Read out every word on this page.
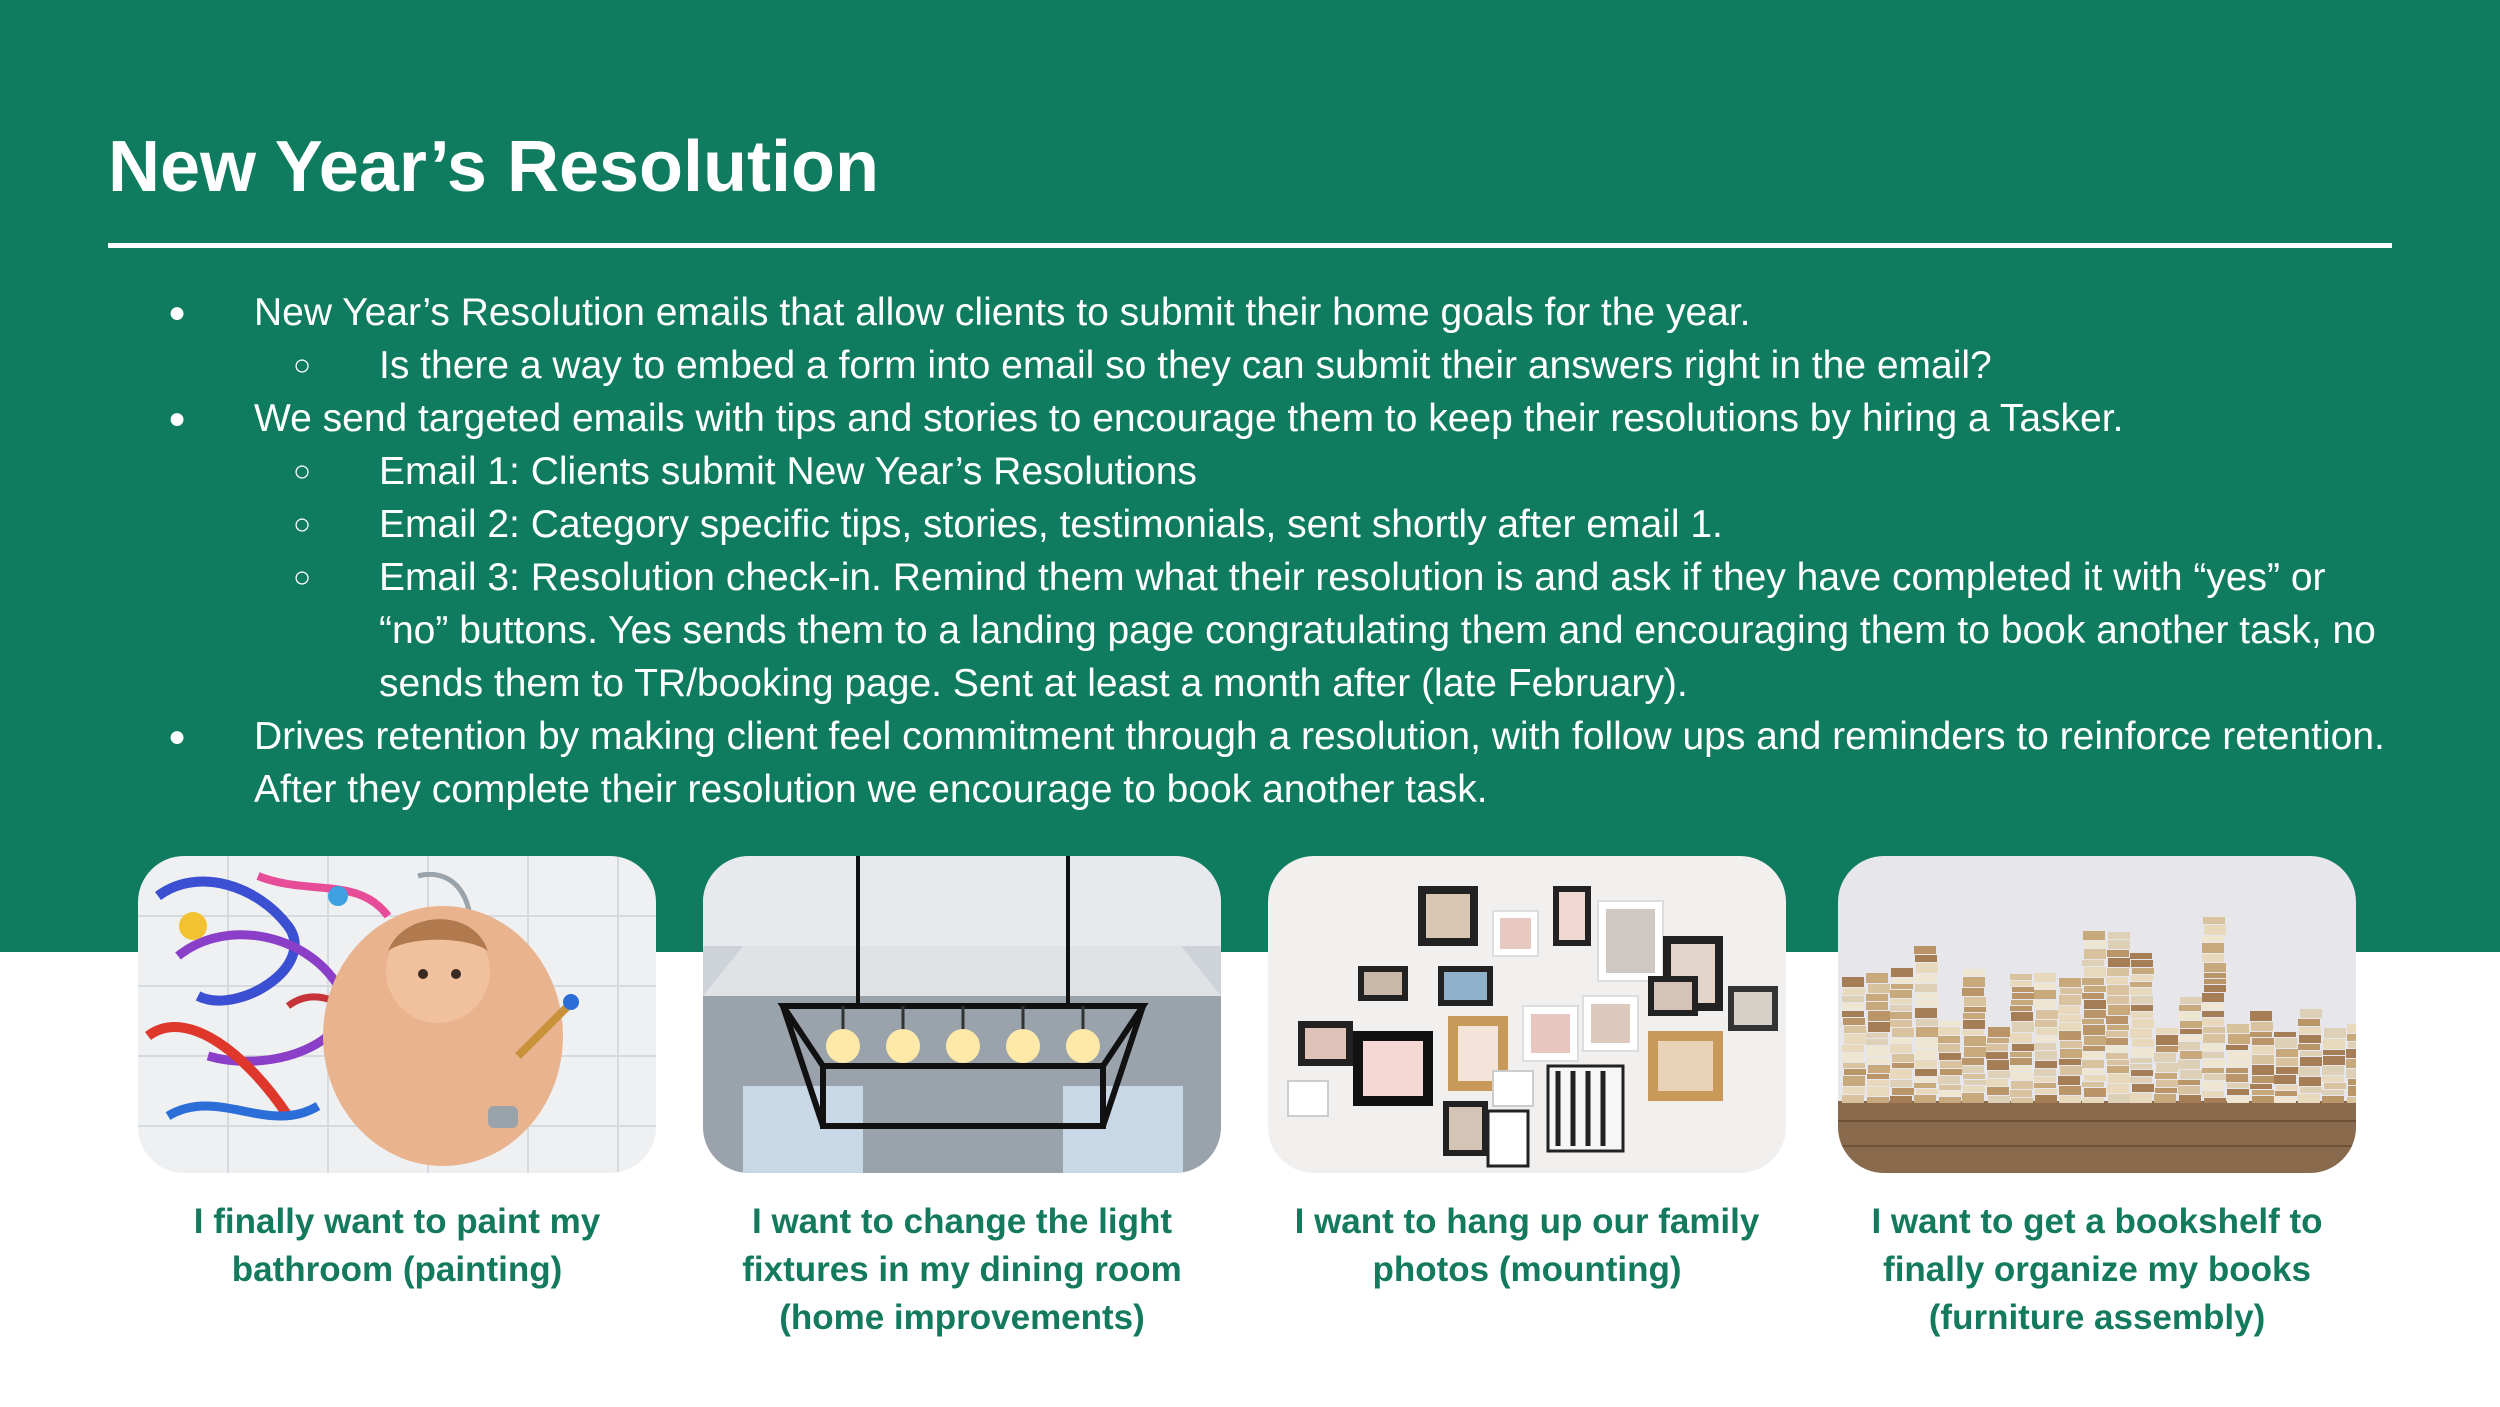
New Year’s Resolution
● New Year’s Resolution emails that allow clients to submit their home goals for the year.
○ Is there a way to embed a form into email so they can submit their answers right in the email?
● We send targeted emails with tips and stories to encourage them to keep their resolutions by hiring a Tasker.
○ Email 1: Clients submit New Year’s Resolutions
○ Email 2: Category specific tips, stories, testimonials, sent shortly after email 1.
○ Email 3: Resolution check-in. Remind them what their resolution is and ask if they have completed it with “yes” or “no” buttons. Yes sends them to a landing page congratulating them and encouraging them to book another task, no sends them to TR/booking page. Sent at least a month after (late February).
● Drives retention by making client feel commitment through a resolution, with follow ups and reminders to reinforce retention. After they complete their resolution we encourage to book another task.
I finally want to paint my
bathroom (painting)
I want to change the light
fixtures in my dining room
(home improvements)
I want to hang up our family
photos (mounting)
I want to get a bookshelf to
finally organize my books
(furniture assembly)
